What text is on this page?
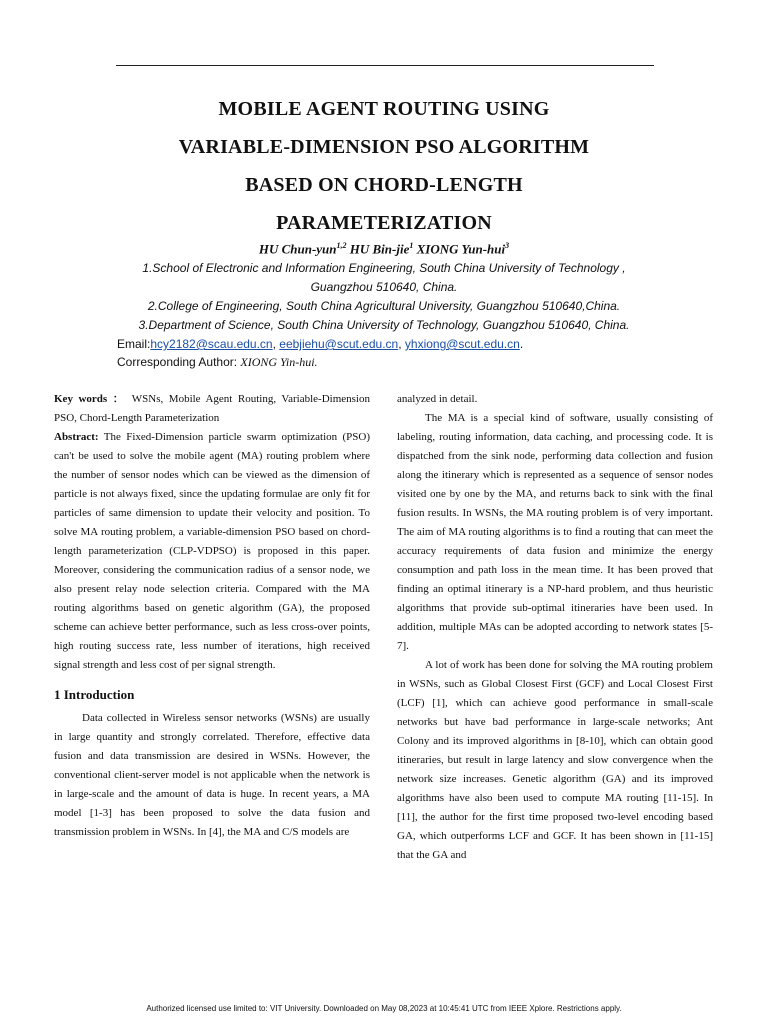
MOBILE AGENT ROUTING USING
VARIABLE-DIMENSION PSO ALGORITHM
BASED ON CHORD-LENGTH
PARAMETERIZATION
HU Chun-yun$^{1,2}$ HU Bin-jie$^1$ XIONG Yun-hui$^3$
1.School of Electronic and Information Engineering, South China University of Technology ,
Guangzhou 510640, China.
2.College of Engineering, South China Agricultural University, Guangzhou 510640,China.
3.Department of Science, South China University of Technology, Guangzhou 510640, China.
Email:hcy2182@scau.edu.cn, eebjiehu@scut.edu.cn, yhxiong@scut.edu.cn.
Corresponding Author: XIONG Yin-hui.

Key words ： WSNs, Mobile Agent Routing, Variable-Dimension PSO, Chord-Length Parameterization

Abstract: The Fixed-Dimension particle swarm optimization (PSO) can't be used to solve the mobile agent (MA) routing problem where the number of sensor nodes which can be viewed as the dimension of particle is not always fixed, since the updating formulae are only fit for particles of same dimension to update their velocity and position. To solve MA routing problem, a variable-dimension PSO based on chord-length parameterization (CLP-VDPSO) is proposed in this paper. Moreover, considering the communication radius of a sensor node, we also present relay node selection criteria. Compared with the MA routing algorithms based on genetic algorithm (GA), the proposed scheme can achieve better performance, such as less cross-over points, high routing success rate, less number of iterations, high received signal strength and less cost of per signal strength.

1 Introduction

Data collected in Wireless sensor networks (WSNs) are usually in large quantity and strongly correlated. Therefore, effective data fusion and data transmission are desired in WSNs. However, the conventional client-server model is not applicable when the network is in large-scale and the amount of data is huge. In recent years, a MA model [1-3] has been proposed to solve the data fusion and transmission problem in WSNs. In [4], the MA and C/S models are

analyzed in detail.

The MA is a special kind of software, usually consisting of labeling, routing information, data caching, and processing code. It is dispatched from the sink node, performing data collection and fusion along the itinerary which is represented as a sequence of sensor nodes visited one by one by the MA, and returns back to sink with the final fusion results. In WSNs, the MA routing problem is of very important. The aim of MA routing algorithms is to find a routing that can meet the accuracy requirements of data fusion and minimize the energy consumption and path loss in the mean time. It has been proved that finding an optimal itinerary is a NP-hard problem, and thus heuristic algorithms that provide sub-optimal itineraries have been used. In addition, multiple MAs can be adopted according to network states [5-7].

A lot of work has been done for solving the MA routing problem in WSNs, such as Global Closest First (GCF) and Local Closest First (LCF) [1], which can achieve good performance in small-scale networks but have bad performance in large-scale networks; Ant Colony and its improved algorithms in [8-10], which can obtain good itineraries, but result in large latency and slow convergence when the network size increases. Genetic algorithm (GA) and its improved algorithms have also been used to compute MA routing [11-15]. In [11], the author for the first time proposed two-level encoding based GA, which outperforms LCF and GCF. It has been shown in [11-15] that the GA and

Authorized licensed use limited to: VIT University. Downloaded on May 08,2023 at 10:45:41 UTC from IEEE Xplore. Restrictions apply.
